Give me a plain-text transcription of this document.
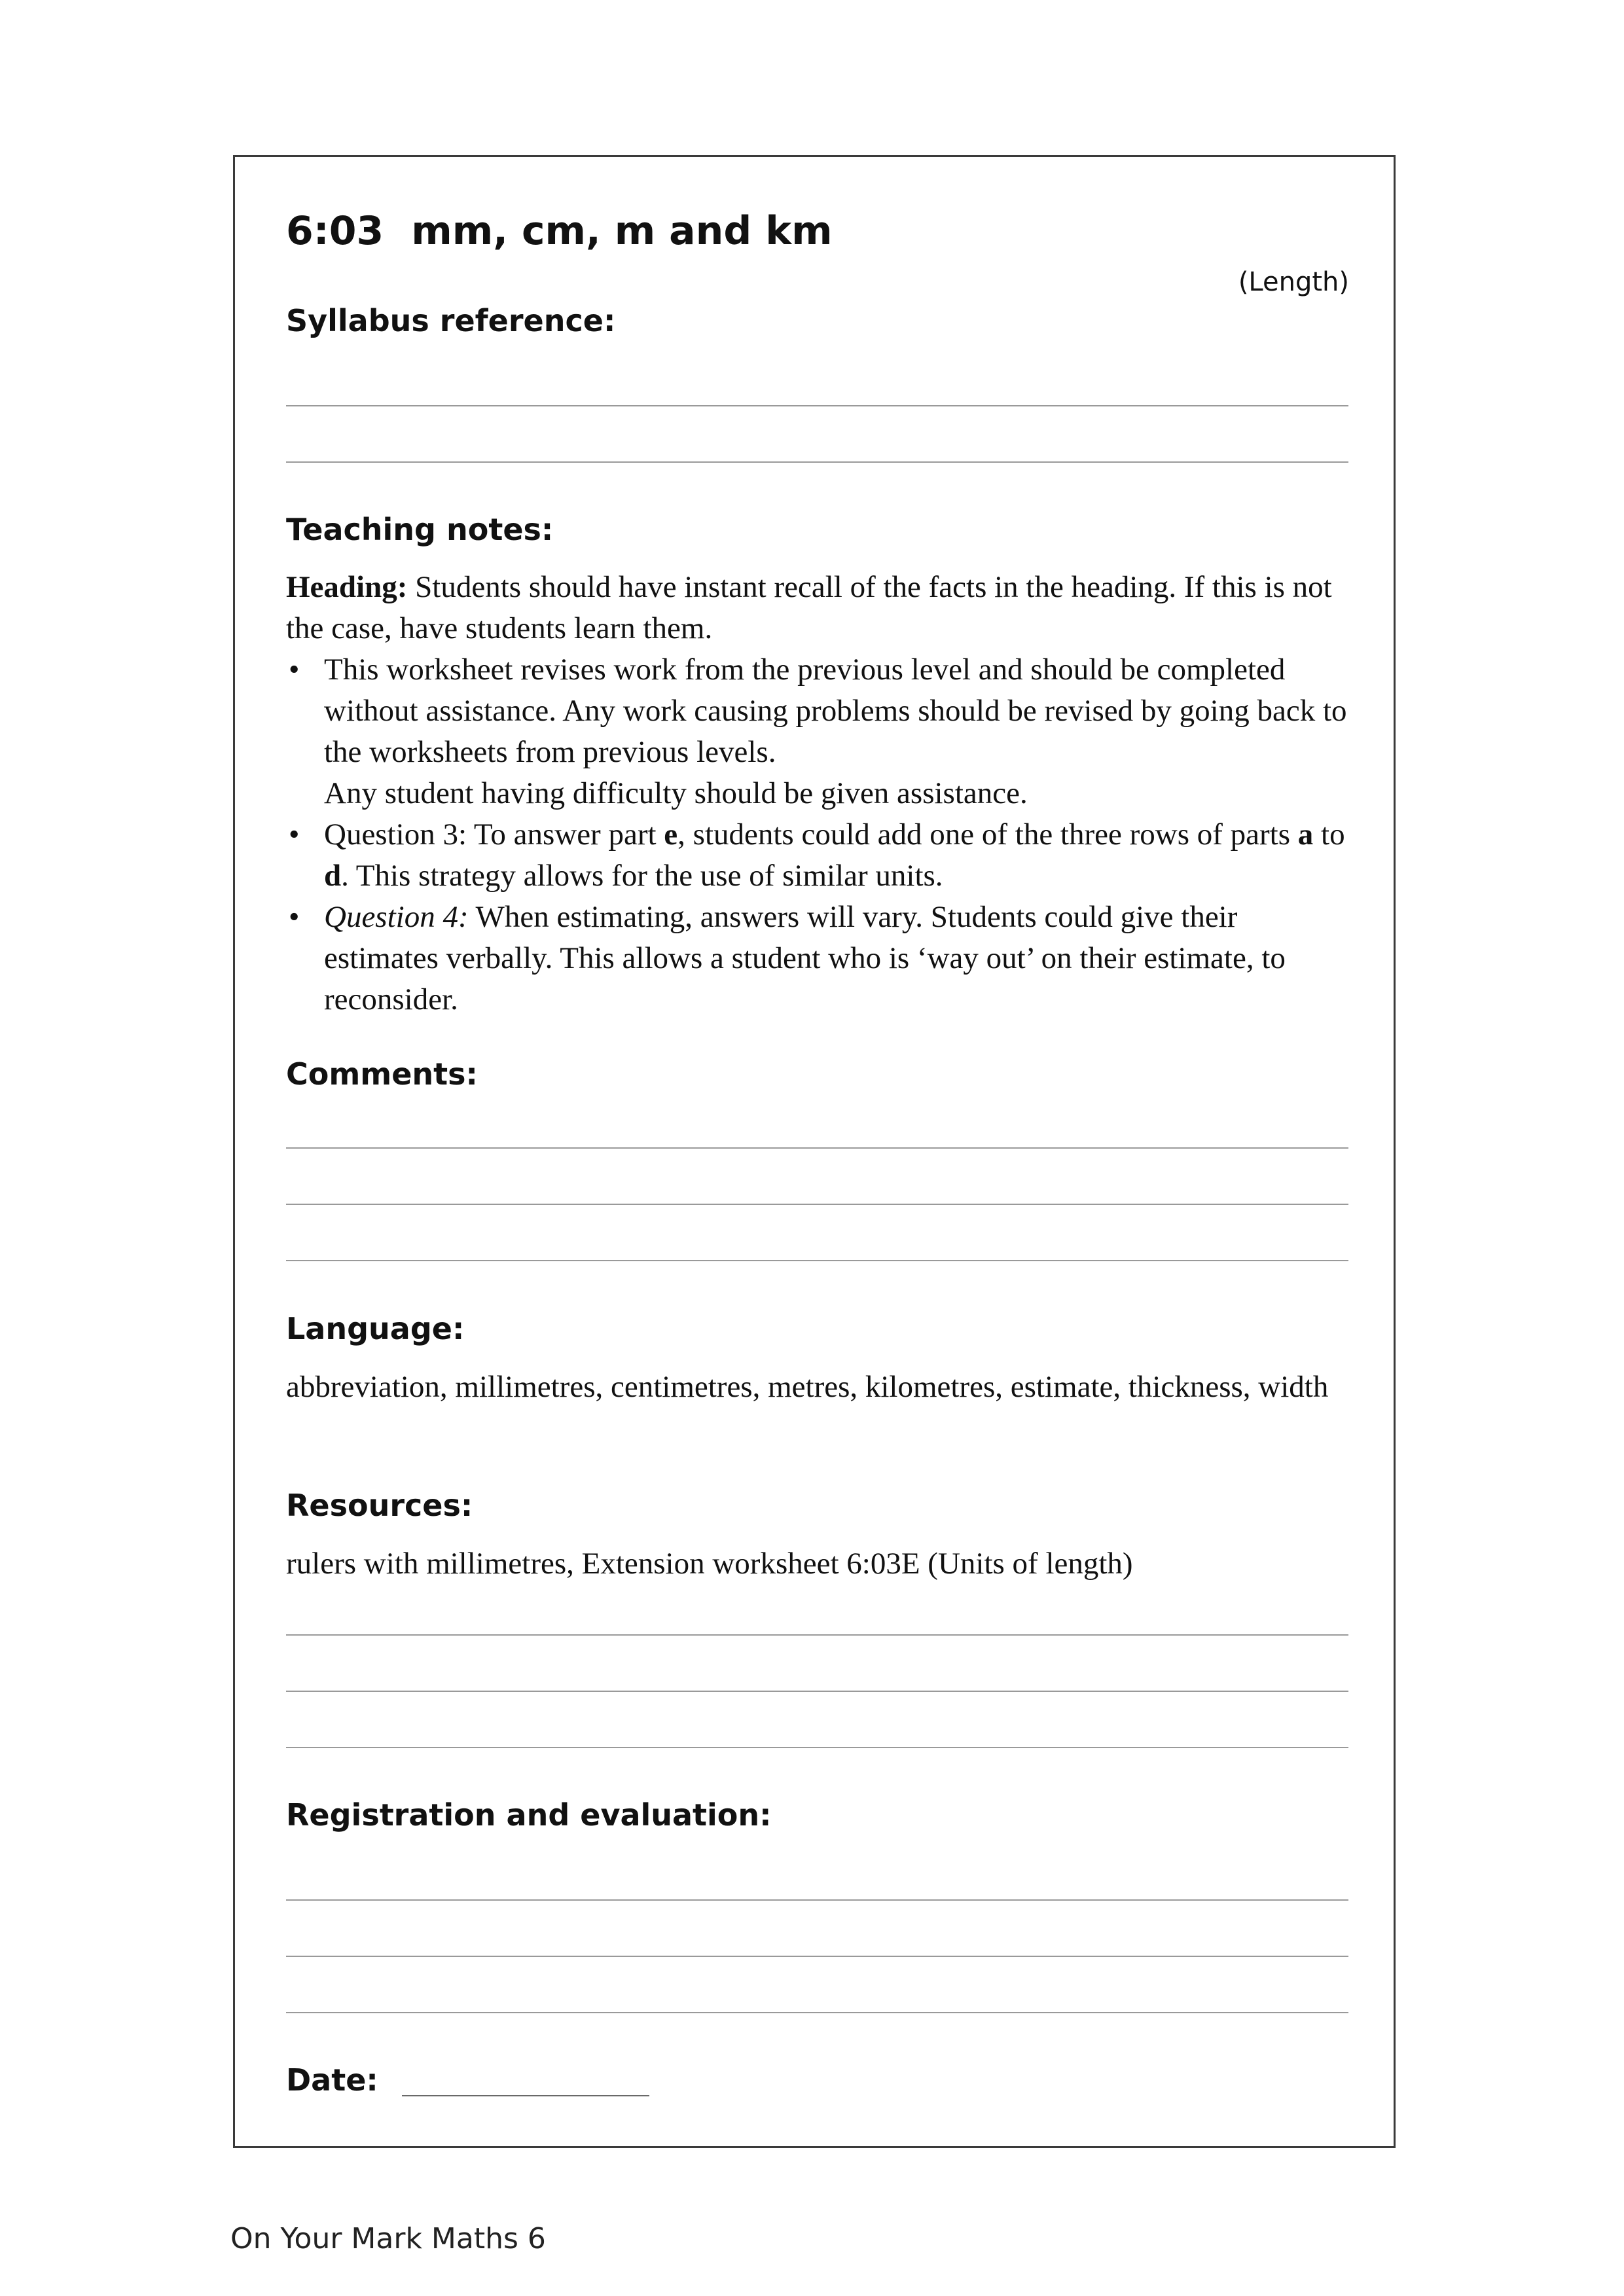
6:03 mm, cm, m and km
(Length)
Syllabus reference:
Teaching notes:

Heading: Students should have instant recall of the facts in the heading. If this is not the case, have students learn them.

• This worksheet revises work from the previous level and should be completed without assistance. Any work causing problems should be revised by going back to the worksheets from previous levels.
Any student having difficulty should be given assistance.
• Question 3: To answer part e, students could add one of the three rows of parts a to d. This strategy allows for the use of similar units.
• Question 4: When estimating, answers will vary. Students could give their estimates verbally. This allows a student who is ‘way out’ on their estimate, to reconsider.
Comments:
Language:
abbreviation, millimetres, centimetres, metres, kilometres, estimate, thickness, width
Resources:
rulers with millimetres, Extension worksheet 6:03E (Units of length)
Registration and evaluation:
Date:
On Your Mark Maths 6
